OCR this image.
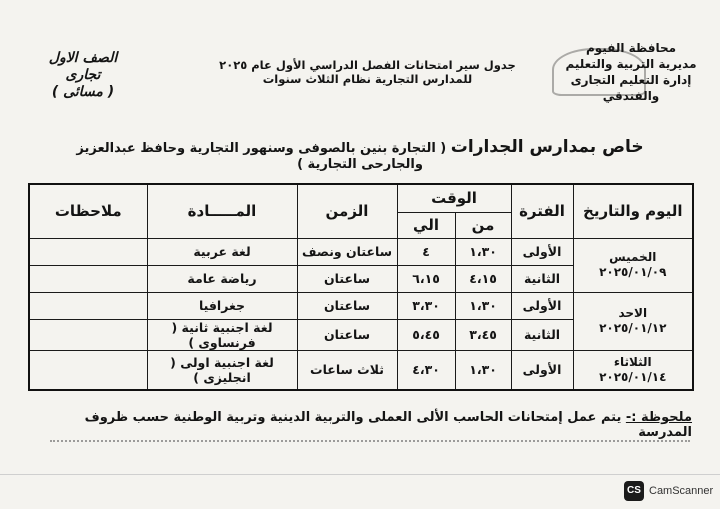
محافظة الفيوم
مديرية التربية والتعليم
إدارة التعليم التجارى والفندقي
جدول سير امتحانات الفصل الدراسي الأول عام ٢٠٢٥
للمدارس التجارية نظام الثلاث سنوات
الصف الاول
تجارى
( مسائى )
خاص بمدارس الجدارات ( التجارة بنين بالصوفى وسنهور التجارية وحافظ عبدالعزيز والجارحى التجارية )
اليوم والتاريخ	الفترة	الوقت		الزمن	المـــــادة	ملاحظات
		من	الي			

الخميس
٢٠٢٥/٠١/٠٩	الأولى	١،٣٠	٤	ساعتان ونصف	لغة عربية	
	الثانية	٤،١٥	٦،١٥	ساعتان	رياضة عامة	

الاحد
٢٠٢٥/٠١/١٢	الأولى	١،٣٠	٣،٣٠	ساعتان	جغرافيا	
	الثانية	٣،٤٥	٥،٤٥	ساعتان	لغة اجنبية ثانية ( فرنساوى )	

الثلاثاء
٢٠٢٥/٠١/١٤	الأولى	١،٣٠	٤،٣٠	ثلاث ساعات	لغة اجنبية اولى ( انجليزى )	
ملحوظة :- يتم عمل إمتحانات الحاسب الألى العملى والتربية الدينية وتربية الوطنية حسب ظروف المدرسة
CS CamScanner
